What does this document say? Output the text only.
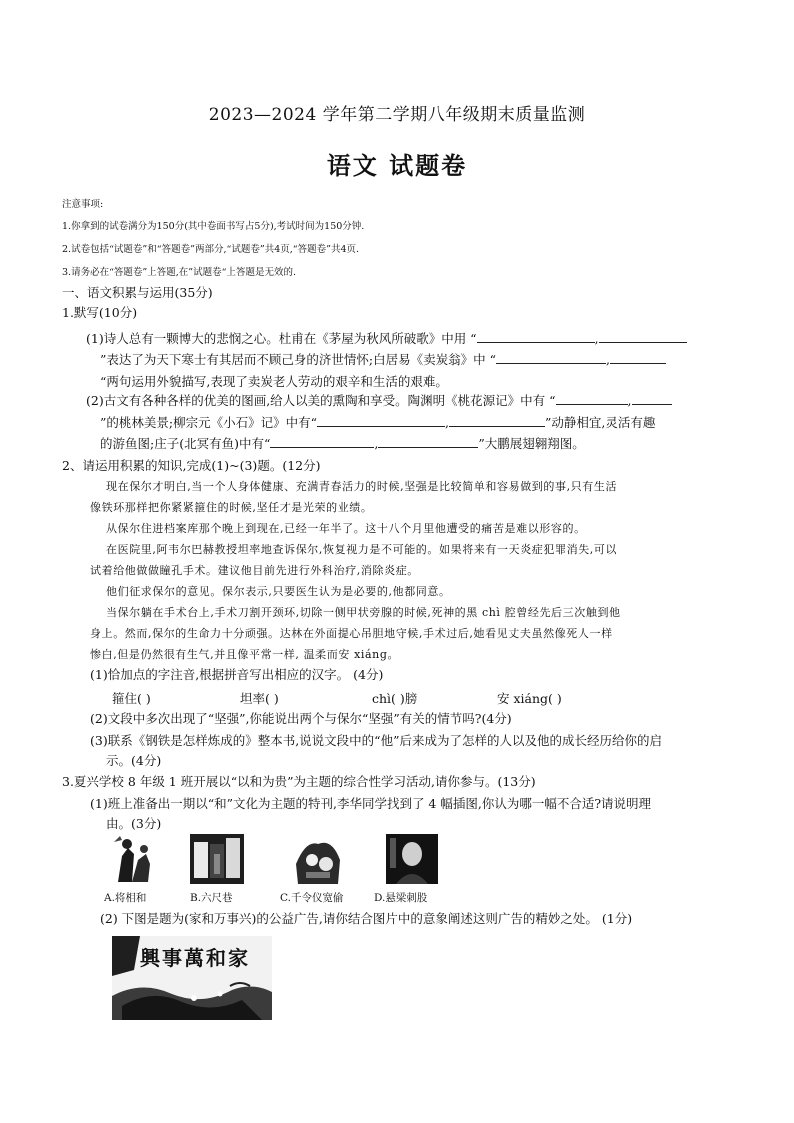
2023—2024 学年第二学期八年级期末质量监测
语文 试题卷
注意事项:
1.你拿到的试卷满分为150分(其中卷面书写占5分),考试时间为150分钟.
2.试卷包括“试题卷”和“答题卷”两部分,“试题卷”共4页,“答题卷”共4页.
3.请务必在“答题卷”上答题,在”试题卷“上答题是无效的.
一、语文积累与运用(35分)
1.默写(10分)
(1)诗人总有一颗博大的悲悯之心。杜甫在《茅屋为秋风所破歌》中用 “	,
”表达了为天下寒士有其居而不顾己身的济世情怀;白居易《卖炭翁》中 “	,
“两句运用外貌描写,表现了卖炭老人劳动的艰辛和生活的艰难。
(2)古文有各种各样的优美的图画,给人以美的熏陶和享受。陶渊明《桃花源记》中有 “	,
”的桃林美景;柳宗元《小石》记》中有“	,	”动静相宜,灵活有趣
的游鱼图;庄子(北冥有鱼)中有“	,	”大鹏展翅翱翔图。
2、请运用积累的知识,完成(1)~(3)题。(12分)
现在保尔才明白,当一个人身体健康、充满青春活力的时候,坚强是比较简单和容易做到的事,只有生活
像铁环那样把你紧紧箍住的时候,坚任才是光荣的业绩。
从保尔住进档案库那个晚上到现在,已经一年半了。这十八个月里他遭受的痛苦是难以形容的。
在医院里,阿韦尔巴赫教授坦率地查诉保尔,恢复视力是不可能的。如果将来有一天炎症犯罪消失,可以
试着给他做做瞳孔手术。建议他目前先进行外科治疗,消除炎症。
他们征求保尔的意见。保尔表示,只要医生认为是必要的,他都同意。
当保尔躺在手术台上,手术刀割开颈环,切除一侧甲状旁腺的时候,死神的黑 chì 腔曾经先后三次触到他
身上。然而,保尔的生命力十分顽强。达林在外面提心吊胆地守候,手术过后,她看见丈夫虽然像死人一样
惨白,但是仍然很有生气,并且像平常一样, 温柔而安 xiáng。
(1)恰加点的字注音,根据拼音写出相应的汉字。 (4分)
箍住( )	坦率( )	chì( )膀	安 xiáng( )
(2)文段中多次出现了“坚强”,你能说出两个与保尔“坚强”有关的情节吗?(4分)
(3)联系《钢铁是怎样炼成的》整本书,说说文段中的“他”后来成为了怎样的人以及他的成长经历给你的启
示。(4分)
3.夏兴学校 8 年级 1 班开展以“以和为贵”为主题的综合性学习活动,请你参与。(13分)
(1)班上准备出一期以“和”文化为主题的特刊,李华同学找到了 4 幅插图,你认为哪一幅不合适?请说明理
由。(3分)
A.将相和	B.六尺巷	C.千令仪宽偷	D.悬梁刺股
(2) 下图是题为(家和万事兴)的公益广告,请你结合图片中的意象阐述这则广告的精妙之处。 (1分)
興事萬和家
